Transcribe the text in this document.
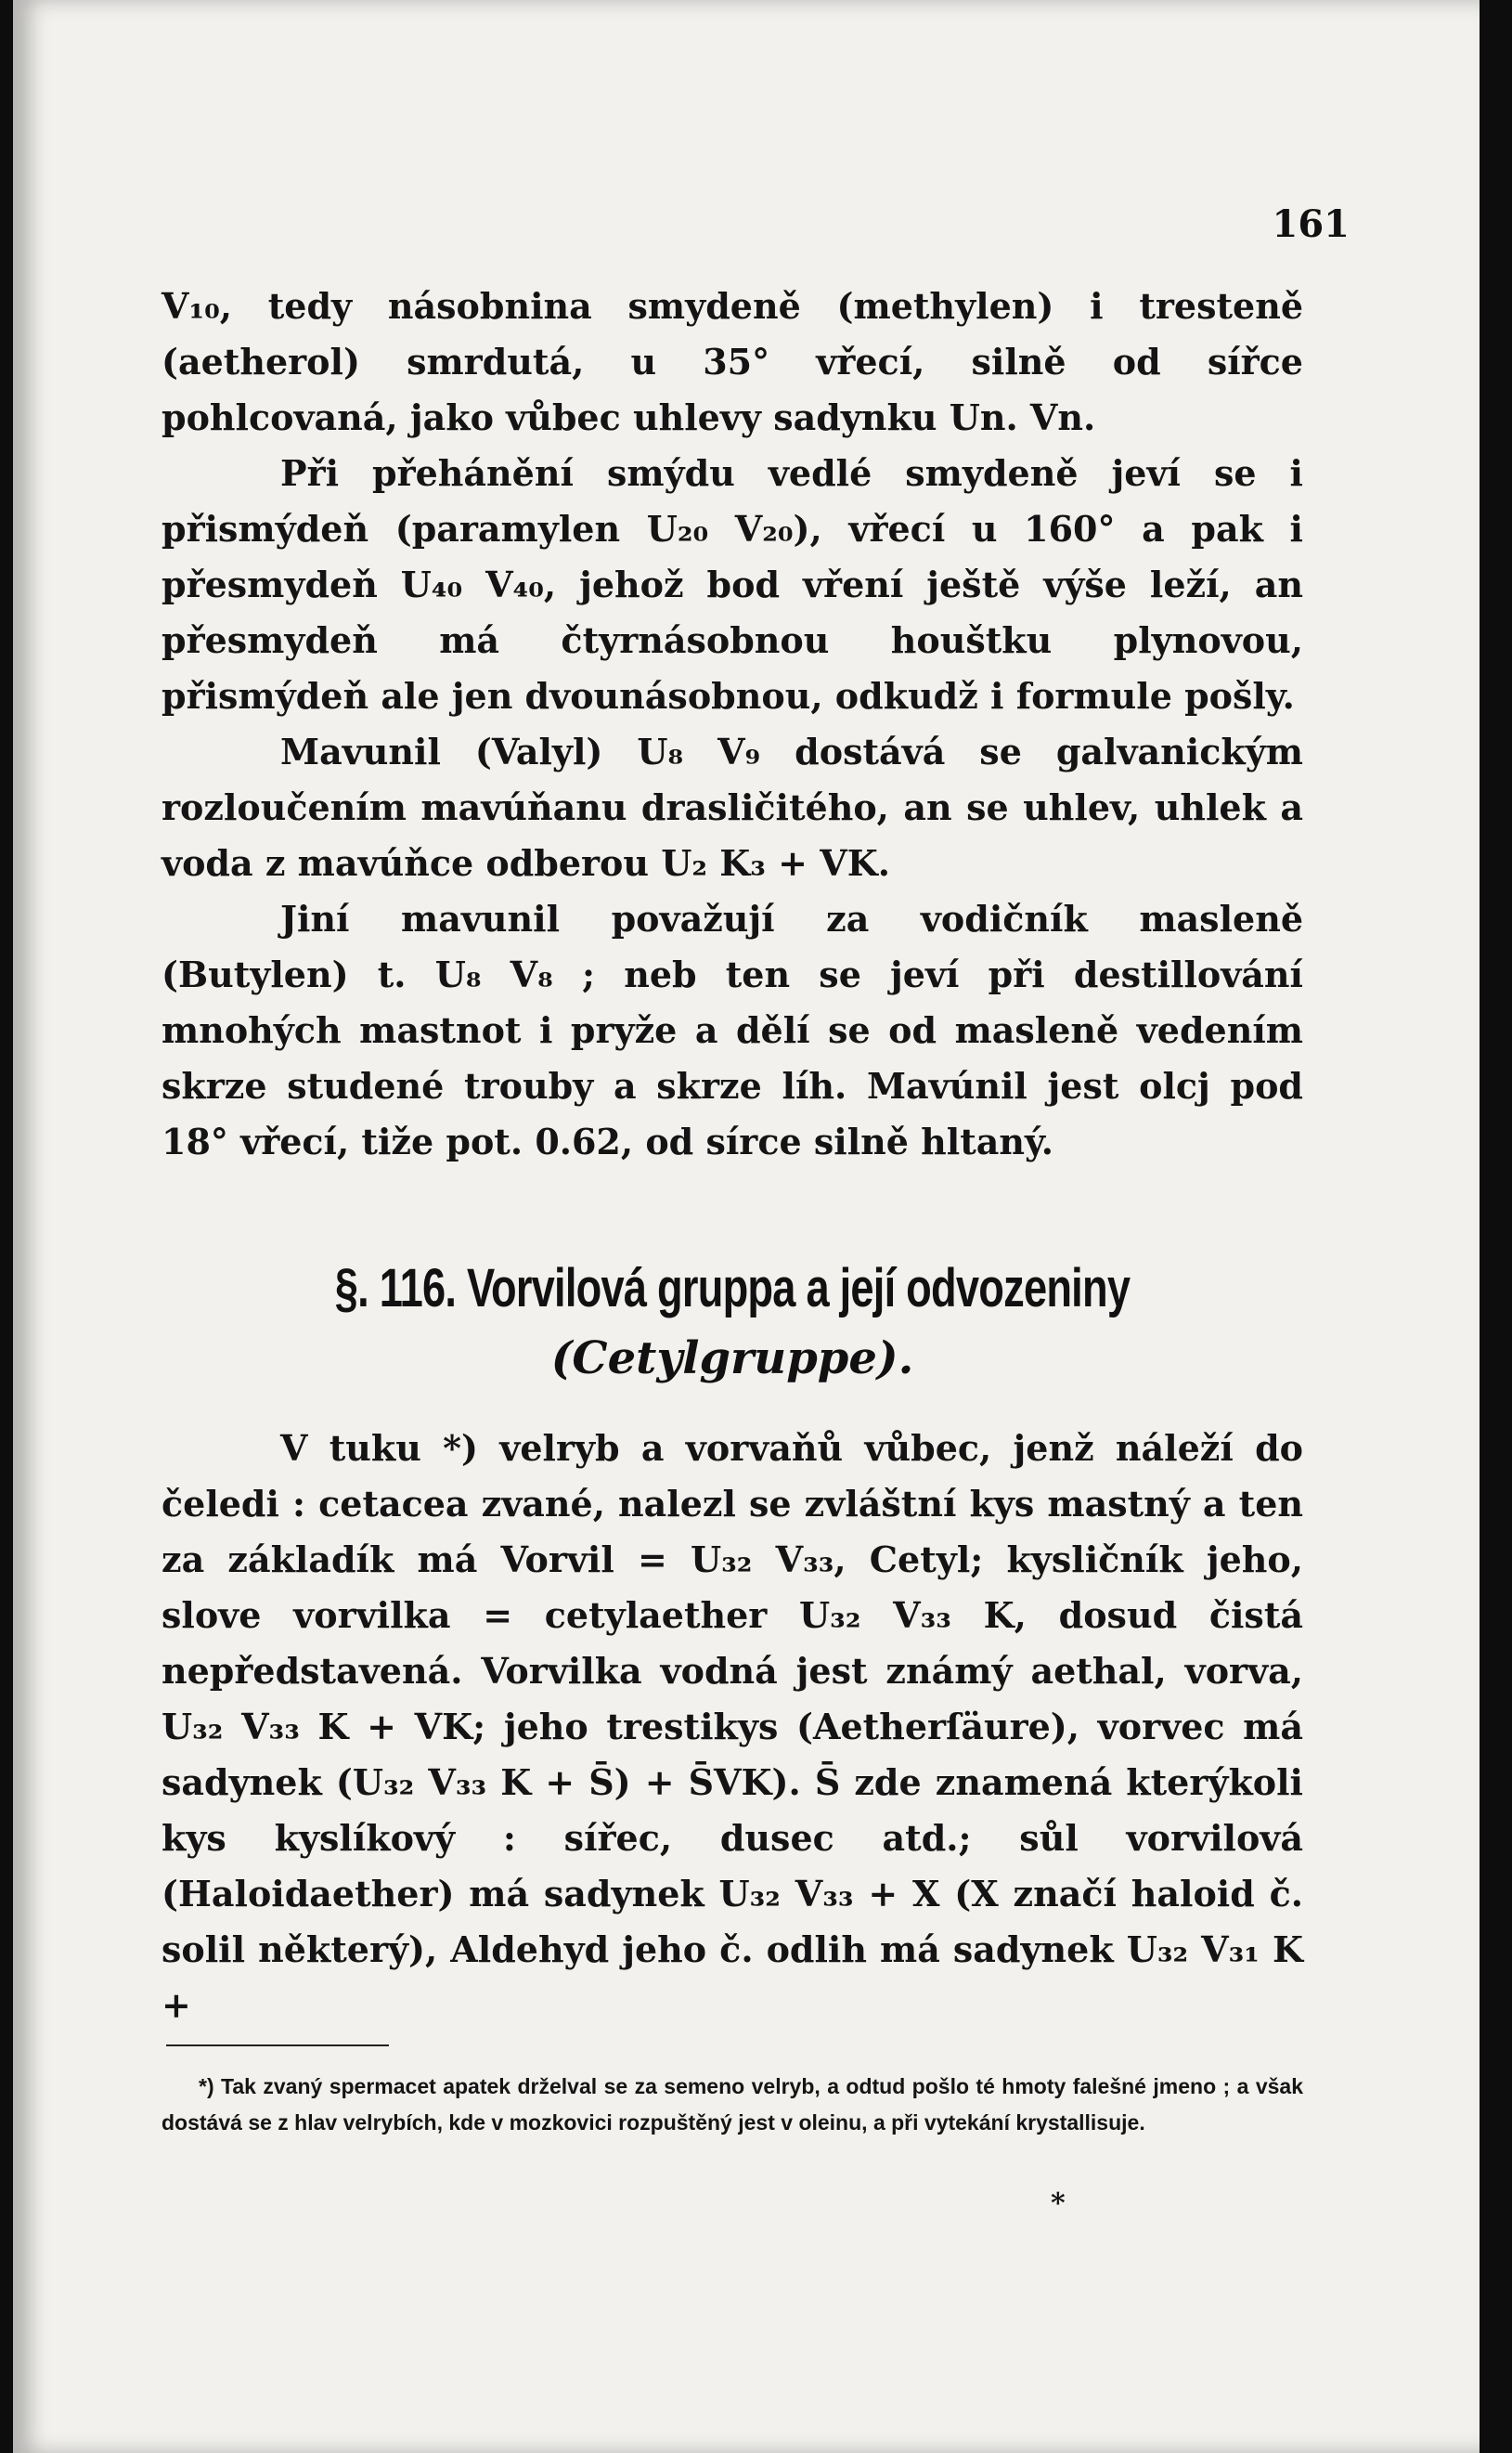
161

V₁₀, tedy násobnina smydeně (methylen) i tresteně (aetherol) smrdutá, u 35° vřecí, silně od sířce pohlcovaná, jako vůbec uhlevy sadynku Un. Vn.

Při přehánění smýdu vedlé smydeně jeví se i přismýdeň (paramylen U₂₀ V₂₀), vřecí u 160° a pak i přesmydeň U₄₀ V₄₀, jehož bod vření ještě výše leží, an přesmydeň má čtyrnásobnou houštku plynovou, přismýdeň ale jen dvounásobnou, odkudž i formule pošly.

Mavunil (Valyl) U₈ V₉ dostává se galvanickým rozloučením mavúňanu drasličitého, an se uhlev, uhlek a voda z mavúňce odberou U₂ K₃ + VK.

Jiní mavunil považují za vodičník masleně (Butylen) t. U₈ V₈ ; neb ten se jeví při destillování mnohých mastnot i pryže a dělí se od masleně vedením skrze studené trouby a skrze líh. Mavúnil jest olcj pod 18° vřecí, tiže pot. 0.62, od sírce silně hltaný.

§. 116. Vorvilová gruppa a její odvozeniny
(Cetylgruppe).

V tuku *) velryb a vorvaňů vůbec, jenž náleží do čeledi : cetacea zvané, nalezl se zvláštní kys mastný a ten za základík má Vorvil = U₃₂ V₃₃, Cetyl; kysličník jeho, slove vorvilka = cetylaether U₃₂ V₃₃ K, dosud čistá nepředstavená. Vorvilka vodná jest známý aethal, vorva, U₃₂ V₃₃ K + VK; jeho trestikys (Aetherſäure), vorvec má sadynek (U₃₂ V₃₃ K + S̄) + S̄VK). S̄ zde znamená kterýkoli kys kyslíkový : sířec, dusec atd.; sůl vorvilová (Haloidaether) má sadynek U₃₂ V₃₃ + X (X značí haloid č. solil některý), Aldehyd jeho č. odlih má sadynek U₃₂ V₃₁ K +

*) Tak zvaný spermacet apatek drželval se za semeno velryb, a odtud pošlo té hmoty falešné jmeno ; a však dostává se z hlav velrybích, kde v mozkovici rozpuštěný jest v oleinu, a při vytekání krystallisuje.

*
